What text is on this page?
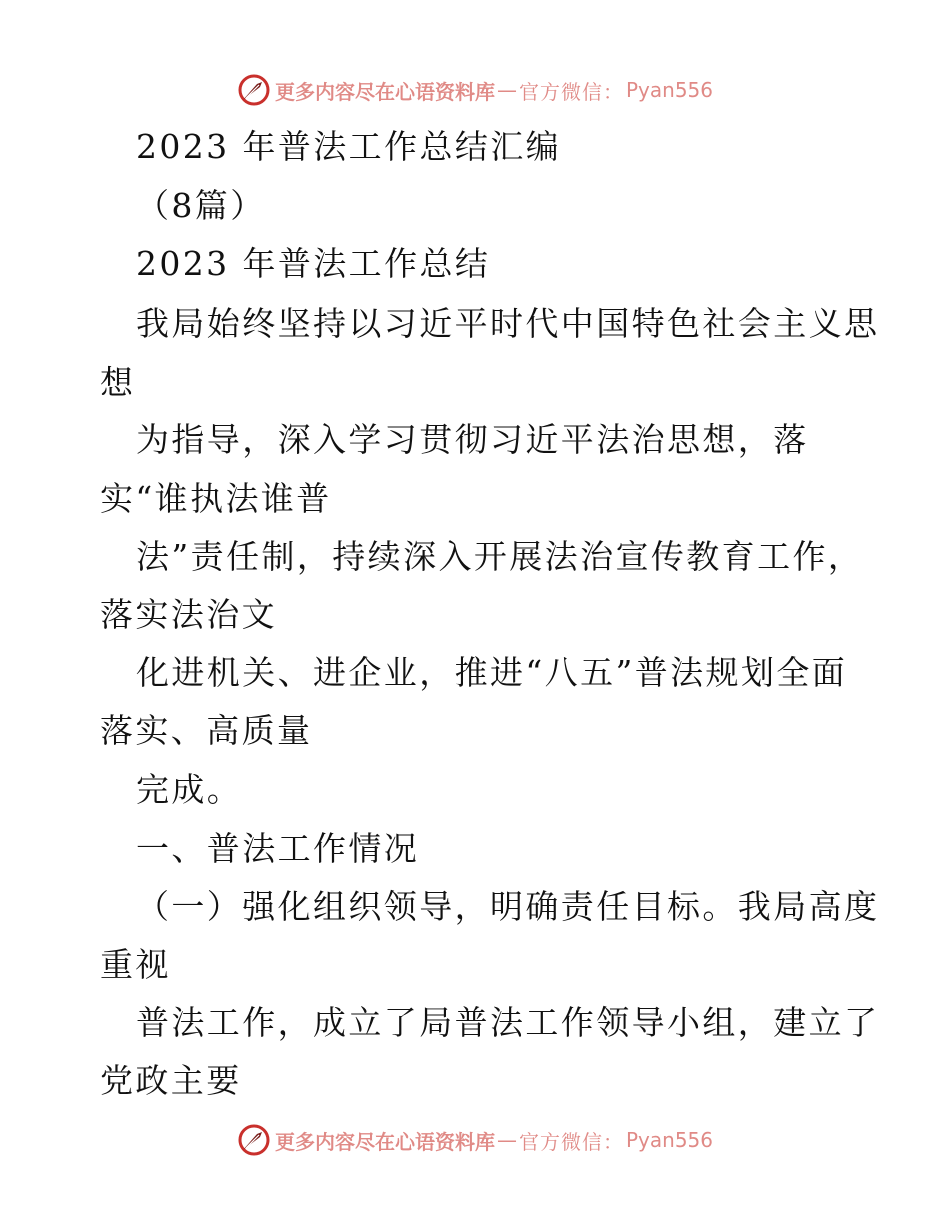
更多内容尽在心语资料库 — 官方微信： Pyan556
2023 年普法工作总结汇编
（8篇）
2023 年普法工作总结
我局始终坚持以习近平时代中国特色社会主义思
想
为指导，深入学习贯彻习近平法治思想，落
实“谁执法谁普
法”责任制，持续深入开展法治宣传教育工作，
落实法治文
化进机关、进企业，推进“八五”普法规划全面
落实、高质量
完成。
一、普法工作情况
（一）强化组织领导，明确责任目标。我局高度
重视
普法工作，成立了局普法工作领导小组，建立了
党政主要
更多内容尽在心语资料库 — 官方微信： Pyan556
